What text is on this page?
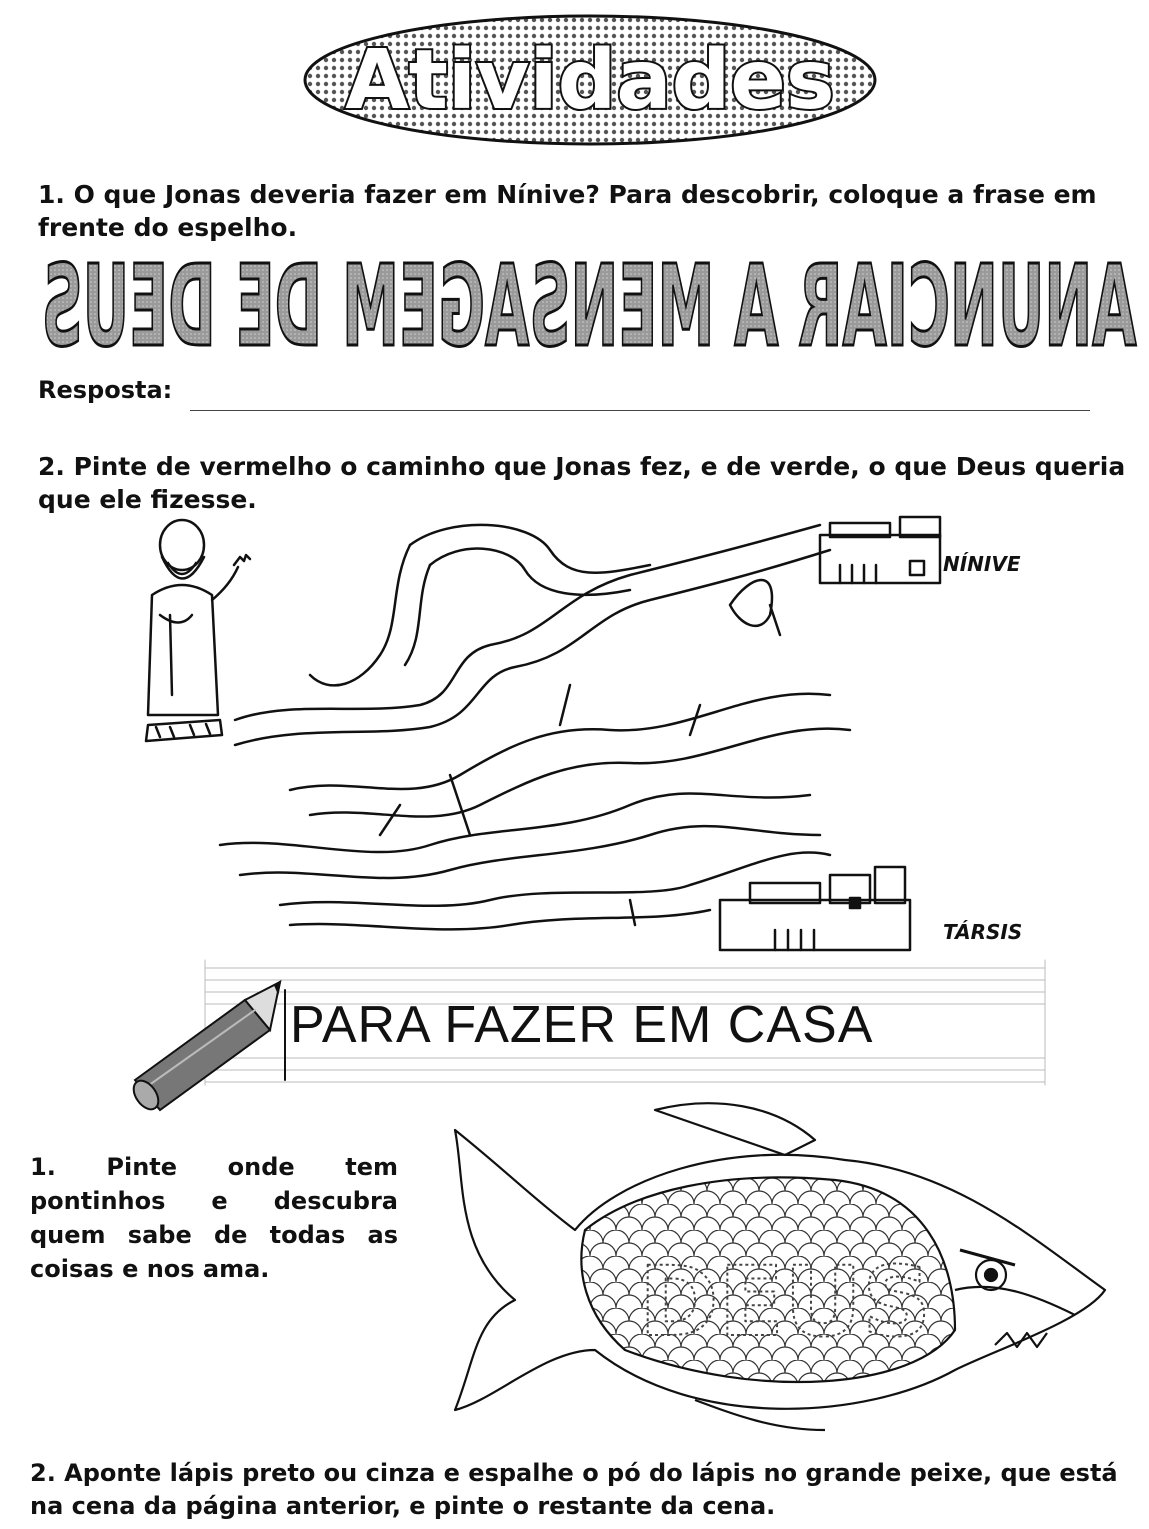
Atividades
1. O que Jonas deveria fazer em Nínive? Para descobrir, coloque a frase em frente do espelho.
ANUNCIAR A MENSAGEM DE DEUS
Resposta:
2. Pinte de vermelho o caminho que Jonas fez, e de verde, o que Deus queria que ele fizesse.
NÍNIVE
TÁRSIS
PARA FAZER EM CASA
1. Pinte onde tem pontinhos e descubra quem sabe de todas as coisas e nos ama.	DEUS
2. Aponte lápis preto ou cinza e espalhe o pó do lápis no grande peixe, que está na cena da página anterior, e pinte o restante da cena.
